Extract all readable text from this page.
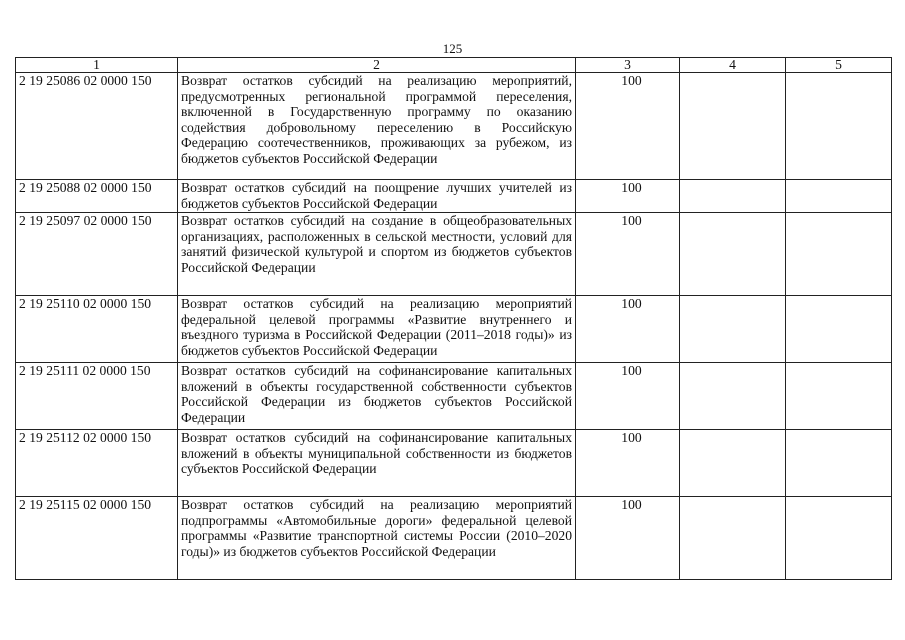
125
1	2	3	4	5
2 19 25086 02 0000 150	Возврат остатков субсидий на реализацию мероприятий, предусмотренных региональной программой переселения, включенной в Государственную программу по оказанию содействия добровольному переселению в Российскую Федерацию соотечественников, проживающих за рубежом, из бюджетов субъектов Российской Федерации	100		
2 19 25088 02 0000 150	Возврат остатков субсидий на поощрение лучших учителей из бюджетов субъектов Российской Федерации	100		
2 19 25097 02 0000 150	Возврат остатков субсидий на создание в общеобразовательных организациях, расположенных в сельской местности, условий для занятий физической культурой и спортом из бюджетов субъектов Российской Федерации	100		
2 19 25110 02 0000 150	Возврат остатков субсидий на реализацию мероприятий федеральной целевой программы «Развитие внутреннего и въездного туризма в Российской Федерации (2011–2018 годы)» из бюджетов субъектов Российской Федерации	100		
2 19 25111 02 0000 150	Возврат остатков субсидий на софинансирование капитальных вложений в объекты государственной собственности субъектов Российской Федерации из бюджетов субъектов Российской Федерации	100		
2 19 25112 02 0000 150	Возврат остатков субсидий на софинансирование капитальных вложений в объекты муниципальной собственности из бюджетов субъектов Российской Федерации	100		
2 19 25115 02 0000 150	Возврат остатков субсидий на реализацию мероприятий подпрограммы «Автомобильные дороги» федеральной целевой программы «Развитие транспортной системы России (2010–2020 годы)» из бюджетов субъектов Российской Федерации	100		
